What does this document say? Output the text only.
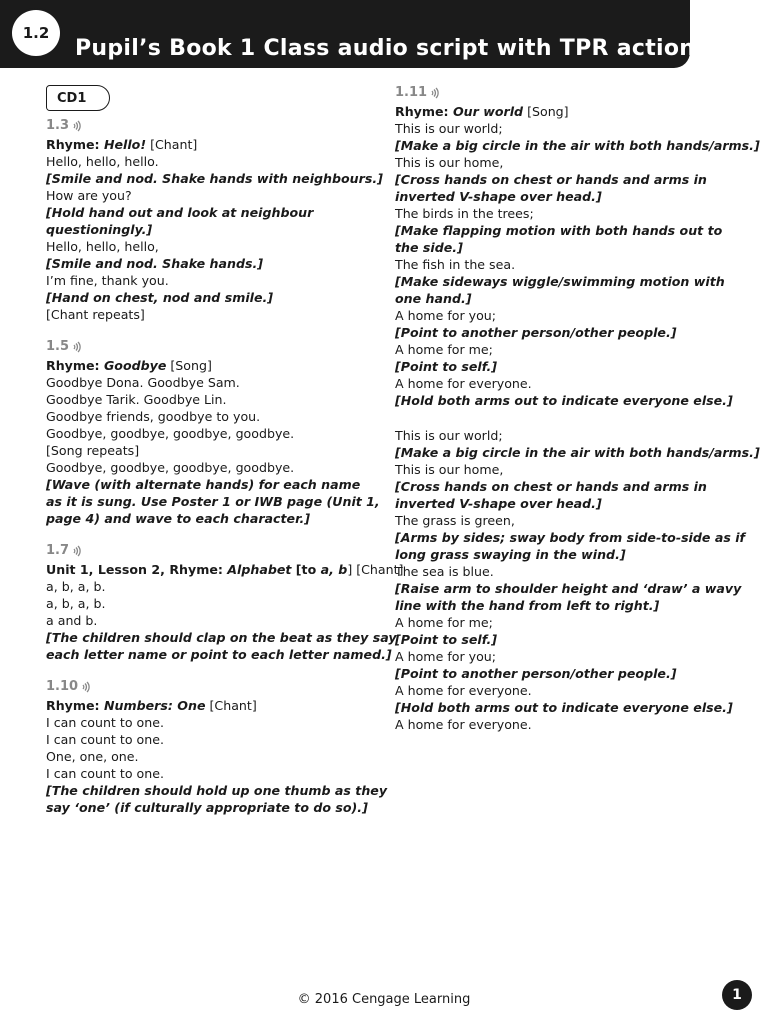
1.2
Pupil’s Book 1 Class audio script with TPR actions
CD1
1.3
Rhyme: Hello! [Chant]
Hello, hello, hello.
[Smile and nod. Shake hands with neighbours.]
How are you?
[Hold hand out and look at neighbour
questioningly.]
Hello, hello, hello,
[Smile and nod. Shake hands.]
I’m fine, thank you.
[Hand on chest, nod and smile.]
[Chant repeats]
1.5
Rhyme: Goodbye [Song]
Goodbye Dona. Goodbye Sam.
Goodbye Tarik. Goodbye Lin.
Goodbye friends, goodbye to you.
Goodbye, goodbye, goodbye, goodbye.
[Song repeats]
Goodbye, goodbye, goodbye, goodbye.
[Wave (with alternate hands) for each name
as it is sung. Use Poster 1 or IWB page (Unit 1,
page 4) and wave to each character.]
1.7
Unit 1, Lesson 2, Rhyme: Alphabet [to a, b] [Chant]
a, b, a, b.
a, b, a, b.
a and b.
[The children should clap on the beat as they say
each letter name or point to each letter named.]
1.10
Rhyme: Numbers: One [Chant]
I can count to one.
I can count to one.
One, one, one.
I can count to one.
[The children should hold up one thumb as they
say ‘one’ (if culturally appropriate to do so).]
1.11
Rhyme: Our world [Song]
This is our world;
[Make a big circle in the air with both hands/arms.]
This is our home,
[Cross hands on chest or hands and arms in
inverted V-shape over head.]
The birds in the trees;
[Make flapping motion with both hands out to
the side.]
The fish in the sea.
[Make sideways wiggle/swimming motion with
one hand.]
A home for you;
[Point to another person/other people.]
A home for me;
[Point to self.]
A home for everyone.
[Hold both arms out to indicate everyone else.]
This is our world;
[Make a big circle in the air with both hands/arms.]
This is our home,
[Cross hands on chest or hands and arms in
inverted V-shape over head.]
The grass is green,
[Arms by sides; sway body from side-to-side as if
long grass swaying in the wind.]
The sea is blue.
[Raise arm to shoulder height and ‘draw’ a wavy
line with the hand from left to right.]
A home for me;
[Point to self.]
A home for you;
[Point to another person/other people.]
A home for everyone.
[Hold both arms out to indicate everyone else.]
A home for everyone.
© 2016 Cengage Learning	1
